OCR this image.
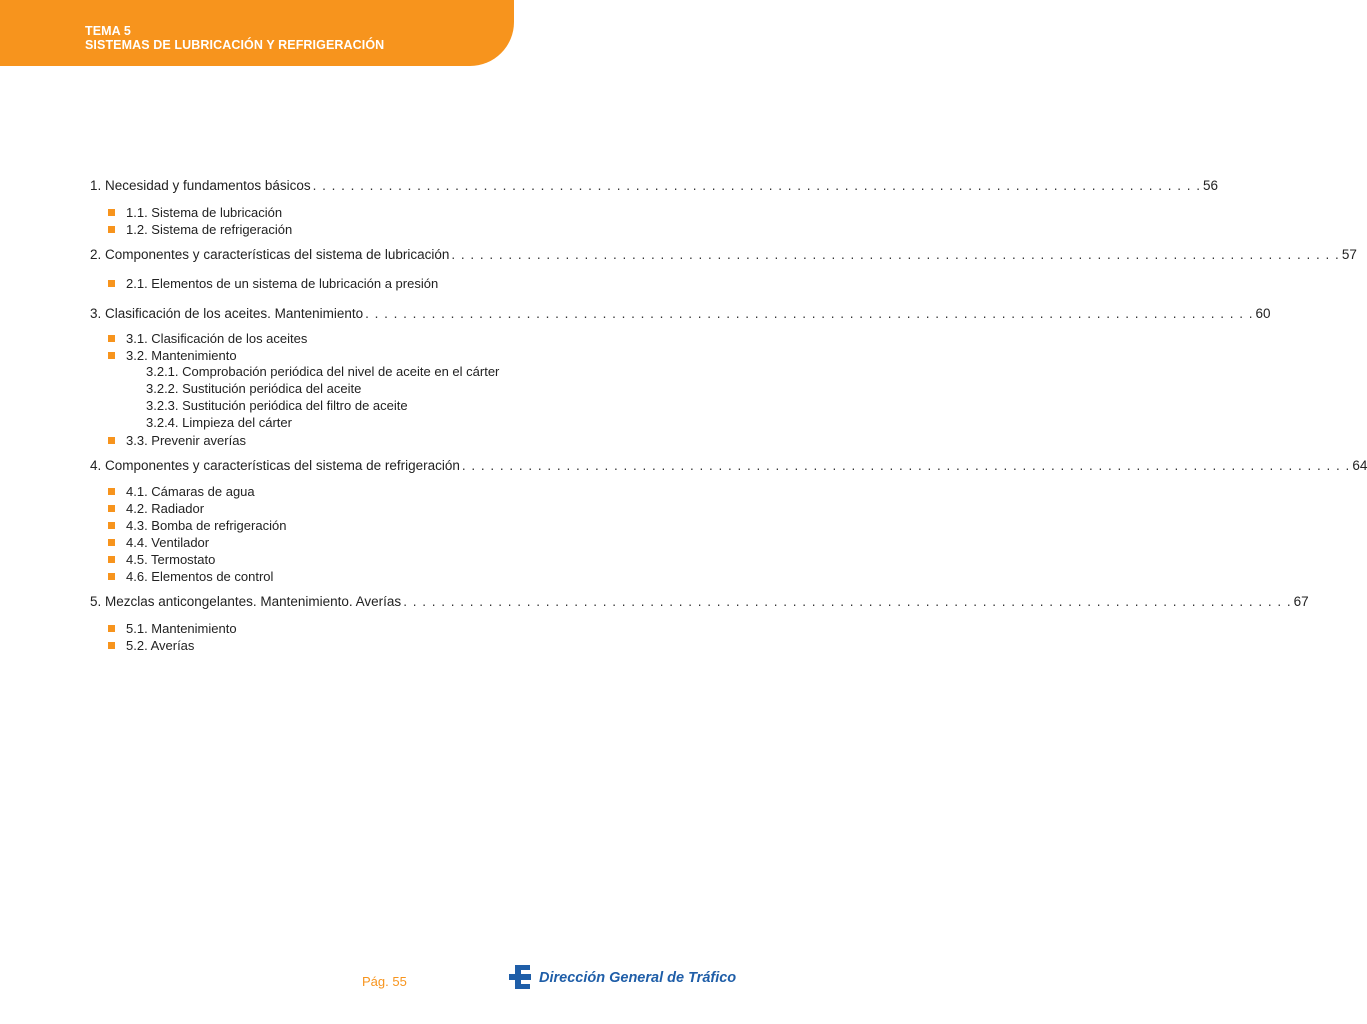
TEMA 5
SISTEMAS DE LUBRICACIÓN Y REFRIGERACIÓN
1. Necesidad y fundamentos básicos . . . . . . . . . . . . . . . . . . . . . . . . . . . . . . . . . . . . . . . . . . . . . . . . . . . . . . . . . . . . . . . . . . . . . . . . . . . . . . . . . . . . . . . . . . . . . . 56
1.1. Sistema de lubricación
1.2. Sistema de refrigeración
2. Componentes y características del sistema de lubricación . . . . . . . . . . . . . . . . . . . . . . . . . . . . . . . . . . . . . . . . . . . . . . . . . . . . . . . . . . . . . . . . . . . . . . . . . . . . . . . . . . . . . . . . . . . . . . 57
2.1. Elementos de un sistema de lubricación a presión
3. Clasificación de los aceites. Mantenimiento . . . . . . . . . . . . . . . . . . . . . . . . . . . . . . . . . . . . . . . . . . . . . . . . . . . . . . . . . . . . . . . . . . . . . . . . . . . . . . . . . . . . . . . . . . . . . . 60
3.1. Clasificación de los aceites
3.2. Mantenimiento
3.2.1. Comprobación periódica del nivel de aceite en el cárter
3.2.2. Sustitución periódica del aceite
3.2.3. Sustitución periódica del filtro de aceite
3.2.4. Limpieza del cárter
3.3. Prevenir averías
4. Componentes y características del sistema de refrigeración . . . . . . . . . . . . . . . . . . . . . . . . . . . . . . . . . . . . . . . . . . . . . . . . . . . . . . . . . . . . . . . . . . . . . . . . . . . . . . . . . . . . . . . . . . . . . . 64
4.1. Cámaras de agua
4.2. Radiador
4.3. Bomba de refrigeración
4.4. Ventilador
4.5. Termostato
4.6. Elementos de control
5. Mezclas anticongelantes. Mantenimiento. Averías . . . . . . . . . . . . . . . . . . . . . . . . . . . . . . . . . . . . . . . . . . . . . . . . . . . . . . . . . . . . . . . . . . . . . . . . . . . . . . . . . . . . . . . . . . . . . . 67
5.1. Mantenimiento
5.2. Averías
Pág. 55	Dirección General de Tráfico
